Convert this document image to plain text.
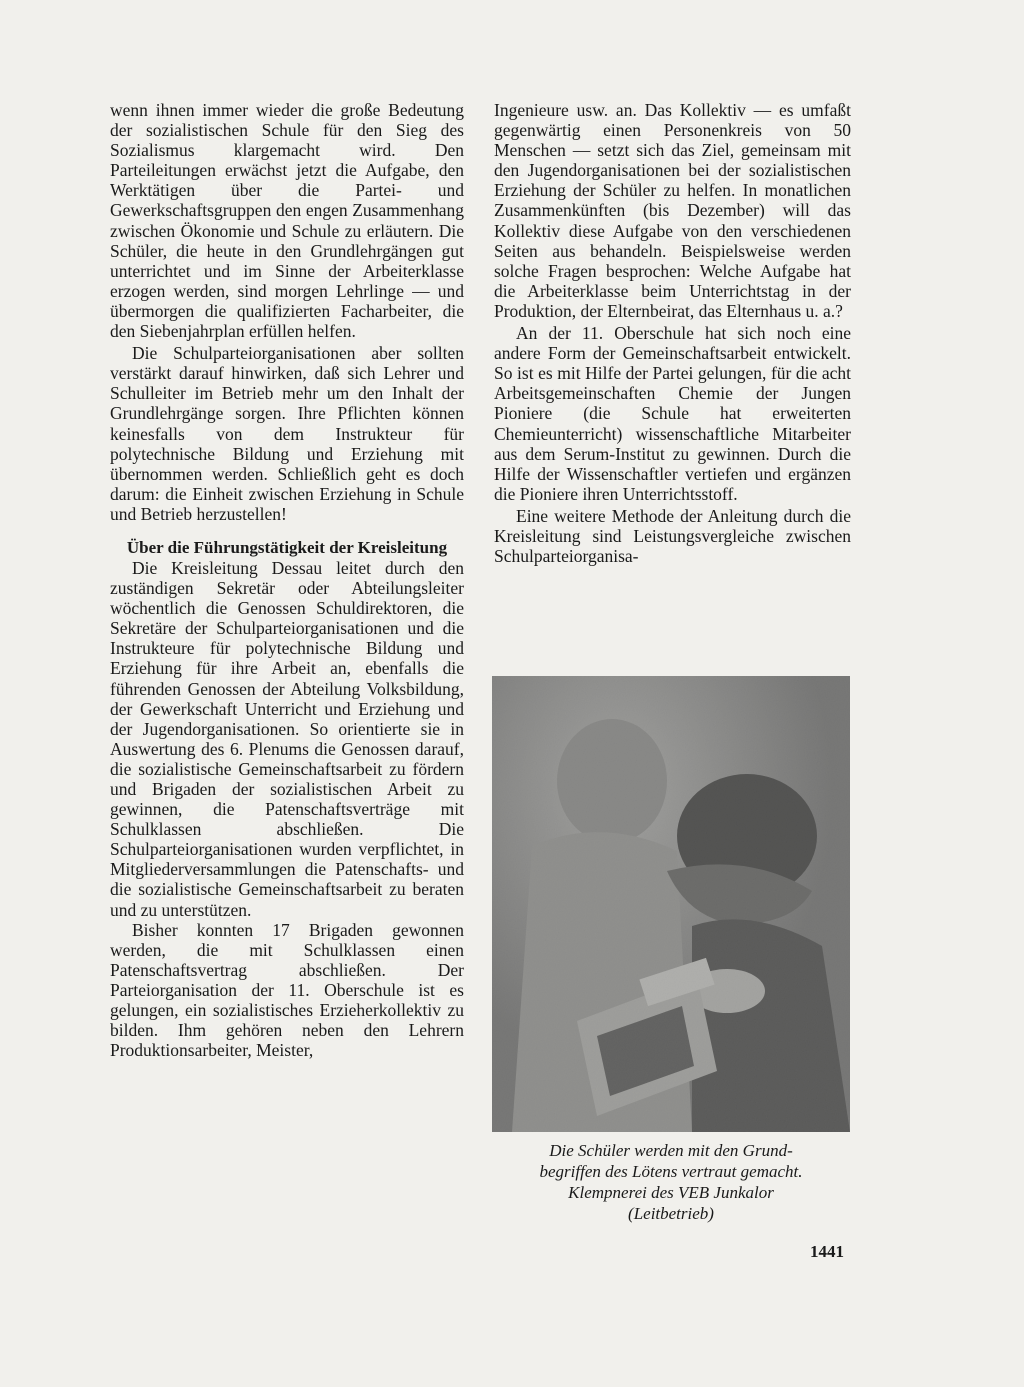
wenn ihnen immer wieder die große Bedeutung der sozialistischen Schule für den Sieg des Sozialismus klargemacht wird. Den Parteileitungen erwächst jetzt die Aufgabe, den Werktätigen über die Partei- und Gewerkschaftsgruppen den engen Zusammenhang zwischen Ökonomie und Schule zu erläutern. Die Schüler, die heute in den Grundlehrgängen gut unterrichtet und im Sinne der Arbeiterklasse erzogen werden, sind morgen Lehrlinge — und übermorgen die qualifizierten Facharbeiter, die den Siebenjahrplan erfüllen helfen.

Die Schulparteiorganisationen aber sollten verstärkt darauf hinwirken, daß sich Lehrer und Schulleiter im Betrieb mehr um den Inhalt der Grundlehrgänge sorgen. Ihre Pflichten können keinesfalls von dem Instrukteur für polytechnische Bildung und Erziehung mit übernommen werden. Schließlich geht es doch darum: die Einheit zwischen Erziehung in Schule und Betrieb herzustellen!

Über die Führungstätigkeit der Kreisleitung

Die Kreisleitung Dessau leitet durch den zuständigen Sekretär oder Abteilungsleiter wöchentlich die Genossen Schuldirektoren, die Sekretäre der Schulparteiorganisationen und die Instrukteure für polytechnische Bildung und Erziehung für ihre Arbeit an, ebenfalls die führenden Genossen der Abteilung Volksbildung, der Gewerkschaft Unterricht und Erziehung und der Jugendorganisationen. So orientierte sie in Auswertung des 6. Plenums die Genossen darauf, die sozialistische Gemeinschaftsarbeit zu fördern und Brigaden der sozialistischen Arbeit zu gewinnen, die Patenschaftsverträge mit Schulklassen abschließen. Die Schulparteiorganisationen wurden verpflichtet, in Mitgliederversammlungen die Patenschafts- und die sozialistische Gemeinschaftsarbeit zu beraten und zu unterstützen.

Bisher konnten 17 Brigaden gewonnen werden, die mit Schulklassen einen Patenschaftsvertrag abschließen. Der Parteiorganisation der 11. Oberschule ist es gelungen, ein sozialistisches Erzieherkollektiv zu bilden. Ihm gehören neben den Lehrern Produktionsarbeiter, Meister,

Ingenieure usw. an. Das Kollektiv — es umfaßt gegenwärtig einen Personenkreis von 50 Menschen — setzt sich das Ziel, gemeinsam mit den Jugendorganisationen bei der sozialistischen Erziehung der Schüler zu helfen. In monatlichen Zusammenkünften (bis Dezember) will das Kollektiv diese Aufgabe von den verschiedenen Seiten aus behandeln. Beispielsweise werden solche Fragen besprochen: Welche Aufgabe hat die Arbeiterklasse beim Unterrichtstag in der Produktion, der Elternbeirat, das Elternhaus u. a.?

An der 11. Oberschule hat sich noch eine andere Form der Gemeinschaftsarbeit entwickelt. So ist es mit Hilfe der Partei gelungen, für die acht Arbeitsgemeinschaften Chemie der Jungen Pioniere (die Schule hat erweiterten Chemieunterricht) wissenschaftliche Mitarbeiter aus dem Serum-Institut zu gewinnen. Durch die Hilfe der Wissenschaftler vertiefen und ergänzen die Pioniere ihren Unterrichtsstoff.

Eine weitere Methode der Anleitung durch die Kreisleitung sind Leistungsvergleiche zwischen Schulparteiorganisa-

Die Schüler werden mit den Grund-
begriffen des Lötens vertraut gemacht.
Klempnerei des VEB Junkalor
(Leitbetrieb)
1441
